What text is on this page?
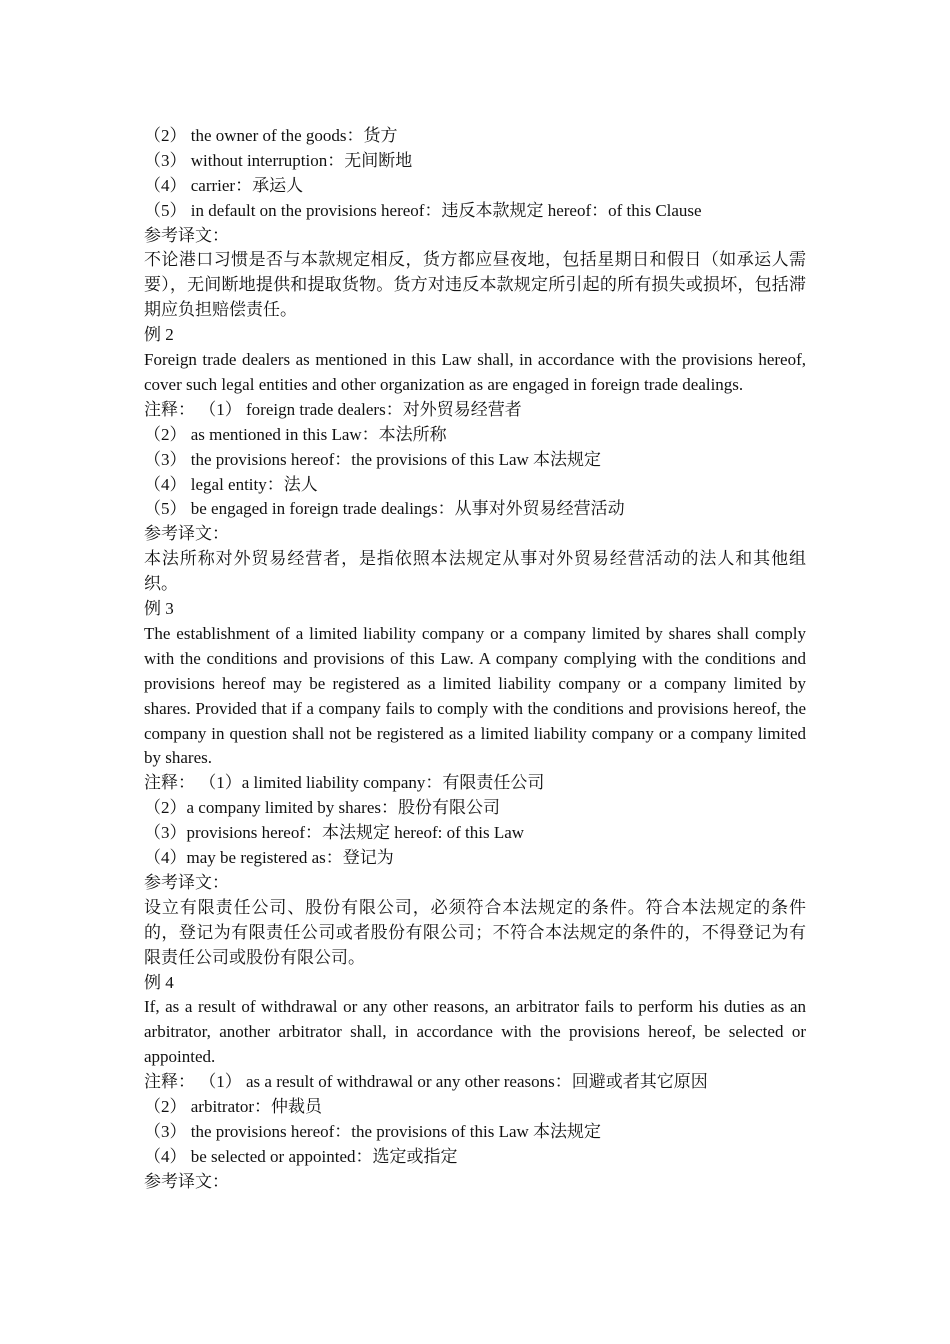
（2） the owner of the goods：货方
（3） without interruption：无间断地
（4） carrier：承运人
（5） in default on the provisions hereof：违反本款规定 hereof：of this Clause
参考译文：

不论港口习惯是否与本款规定相反，货方都应昼夜地，包括星期日和假日（如承运人需要），无间断地提供和提取货物。货方对违反本款规定所引起的所有损失或损坏，包括滞期应负担赔偿责任。

例 2

Foreign trade dealers as mentioned in this Law shall, in accordance with the provisions hereof, cover such legal entities and other organization as are engaged in foreign trade dealings.

注释： （1） foreign trade dealers：对外贸易经营者
（2） as mentioned in this Law：本法所称
（3） the provisions hereof：the provisions of this Law 本法规定
（4） legal entity：法人
（5） be engaged in foreign trade dealings：从事对外贸易经营活动
参考译文：

本法所称对外贸易经营者，是指依照本法规定从事对外贸易经营活动的法人和其他组织。

例 3

The establishment of a limited liability company or a company limited by shares shall comply with the conditions and provisions of this Law. A company complying with the conditions and provisions hereof may be registered as a limited liability company or a company limited by shares. Provided that if a company fails to comply with the conditions and provisions hereof, the company in question shall not be registered as a limited liability company or a company limited by shares.

注释： （1）a limited liability company：有限责任公司
（2）a company limited by shares：股份有限公司
（3）provisions hereof：本法规定 hereof: of this Law
（4）may be registered as：登记为
参考译文：

设立有限责任公司、股份有限公司，必须符合本法规定的条件。符合本法规定的条件的，登记为有限责任公司或者股份有限公司；不符合本法规定的条件的，不得登记为有限责任公司或股份有限公司。

例 4

If, as a result of withdrawal or any other reasons, an arbitrator fails to perform his duties as an arbitrator, another arbitrator shall, in accordance with the provisions hereof, be selected or appointed.

注释： （1） as a result of withdrawal or any other reasons：回避或者其它原因
（2） arbitrator：仲裁员
（3） the provisions hereof：the provisions of this Law 本法规定
（4） be selected or appointed：选定或指定
参考译文：
